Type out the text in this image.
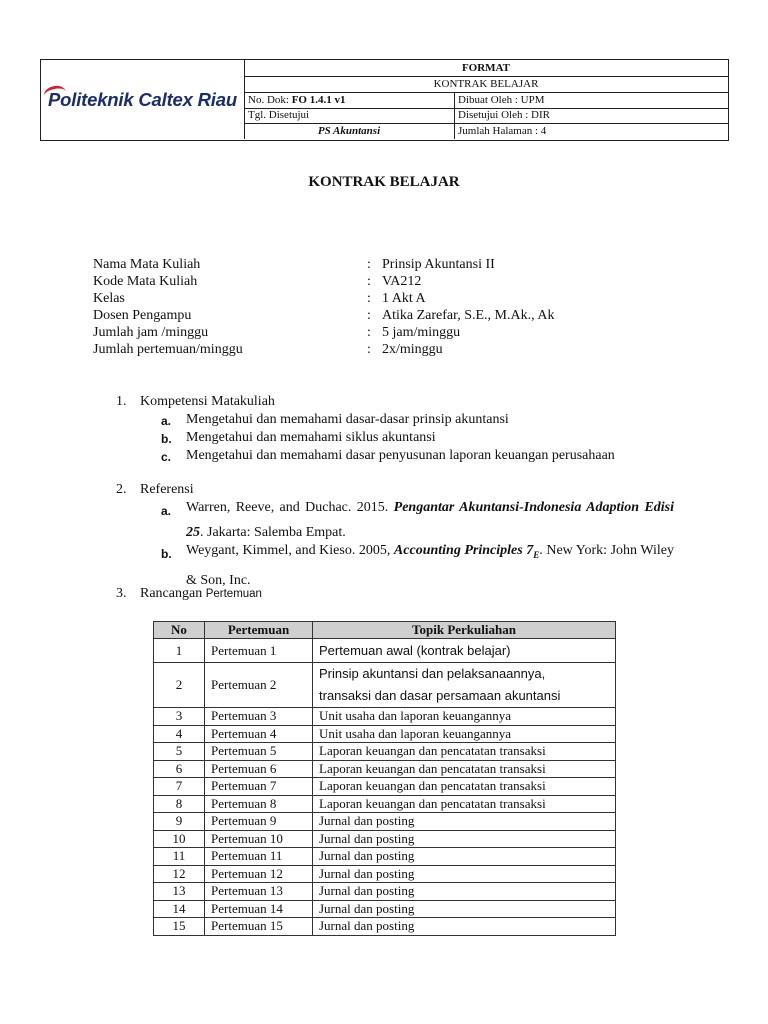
Politeknik Caltex Riau
FORMAT
KONTRAK BELAJAR
No. Dok: FO 1.4.1 v1	Dibuat Oleh : UPM
Tgl. Disetujui	Disetujui Oleh : DIR
PS Akuntansi	Jumlah Halaman : 4
KONTRAK BELAJAR
Nama Mata Kuliah	: Prinsip Akuntansi II
Kode Mata Kuliah	: VA212
Kelas	: 1 Akt A
Dosen Pengampu	: Atika Zarefar, S.E., M.Ak., Ak
Jumlah jam /minggu	: 5 jam/minggu
Jumlah pertemuan/minggu	: 2x/minggu
1. Kompetensi Matakuliah
a. Mengetahui dan memahami dasar-dasar prinsip akuntansi
b. Mengetahui dan memahami siklus akuntansi
c. Mengetahui dan memahami dasar penyusunan laporan keuangan perusahaan
2. Referensi
a. Warren, Reeve, and Duchac. 2015. Pengantar Akuntansi-Indonesia Adaption Edisi 25. Jakarta: Salemba Empat.
b. Weygant, Kimmel, and Kieso. 2005, Accounting Principles $7_E$. New York: John Wiley & Son, Inc.
3. Rancangan Pertemuan
No	Pertemuan	Topik Perkuliahan
1	Pertemuan 1	Pertemuan awal (kontrak belajar)
2	Pertemuan 2	Prinsip akuntansi dan pelaksanaannya,
transaksi dan dasar persamaan akuntansi
3	Pertemuan 3	Unit usaha dan laporan keuangannya
4	Pertemuan 4	Unit usaha dan laporan keuangannya
5	Pertemuan 5	Laporan keuangan dan pencatatan transaksi
6	Pertemuan 6	Laporan keuangan dan pencatatan transaksi
7	Pertemuan 7	Laporan keuangan dan pencatatan transaksi
8	Pertemuan 8	Laporan keuangan dan pencatatan transaksi
9	Pertemuan 9	Jurnal dan posting
10	Pertemuan 10	Jurnal dan posting
11	Pertemuan 11	Jurnal dan posting
12	Pertemuan 12	Jurnal dan posting
13	Pertemuan 13	Jurnal dan posting
14	Pertemuan 14	Jurnal dan posting
15	Pertemuan 15	Jurnal dan posting
